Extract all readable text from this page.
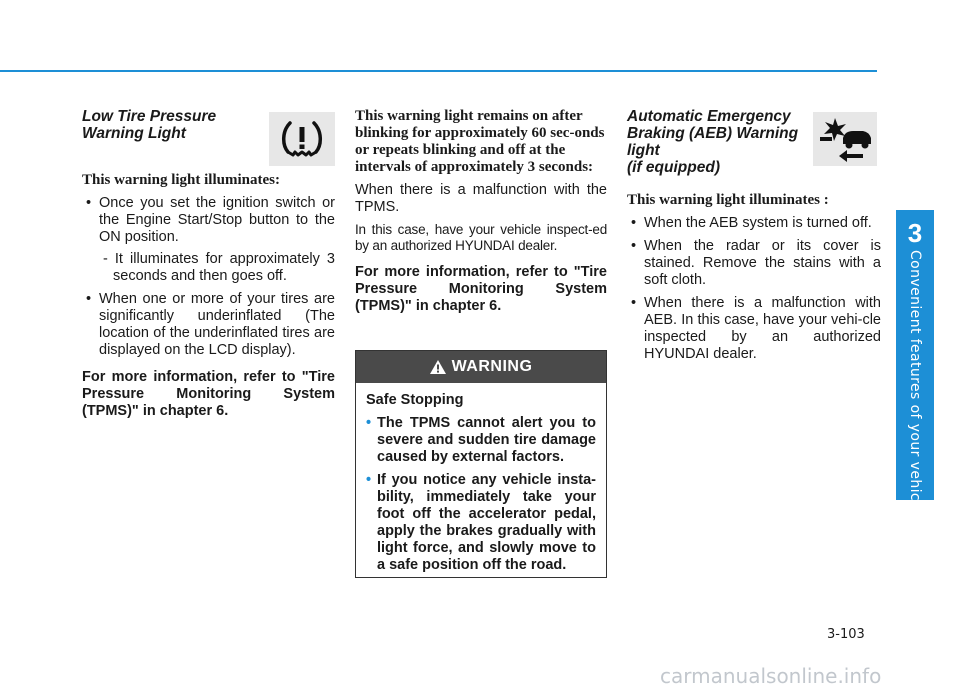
3
Convenient features of your vehicle
Low Tire Pressure
Warning Light
This warning light illuminates:
• Once you set the ignition switch or the Engine Start/Stop button to the ON position.
- It illuminates for approximately 3 seconds and then goes off.
• When one or more of your tires are significantly underinflated (The location of the underinflated tires are displayed on the LCD display).
For more information, refer to "Tire Pressure Monitoring System (TPMS)" in chapter 6.
This warning light remains on after blinking for approximately 60 sec-onds or repeats blinking and off at the intervals of approximately 3 seconds:
When there is a malfunction with the TPMS.
In this case, have your vehicle inspect-ed by an authorized HYUNDAI dealer.
For more information, refer to "Tire Pressure Monitoring System (TPMS)" in chapter 6.
WARNING
Safe Stopping
• The TPMS cannot alert you to severe and sudden tire damage caused by external factors.
• If you notice any vehicle insta-bility, immediately take your foot off the accelerator pedal, apply the brakes gradually with light force, and slowly move to a safe position off the road.
Automatic Emergency
Braking (AEB) Warning
light
(if equipped)
This warning light illuminates :
• When the AEB system is turned off.
• When the radar or its cover is stained. Remove the stains with a soft cloth.
• When there is a malfunction with AEB. In this case, have your vehi-cle inspected by an authorized HYUNDAI dealer.
3-103
carmanualsonline.info
